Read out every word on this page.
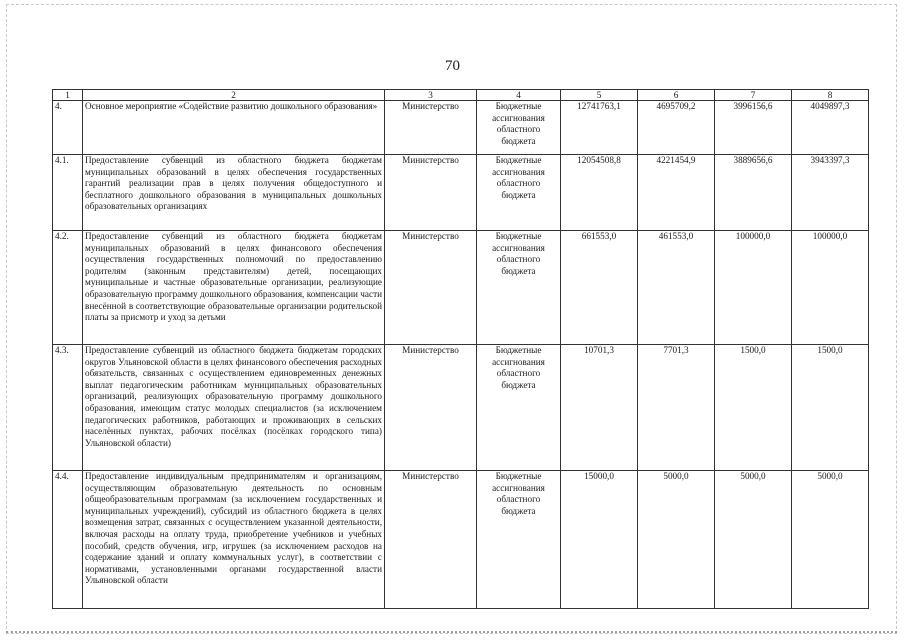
70
1	2	3	4	5	6	7	8
4.	Основное мероприятие «Содействие развитию дошкольного образования»	Министерство	Бюджетные ассигнования областного бюджета	12741763,1	4695709,2	3996156,6	4049897,3
4.1.	Предоставление субвенций из областного бюджета бюджетам муниципальных образований в целях обеспечения государственных гарантий реализации прав в целях получения общедоступного и бесплатного дошкольного образования в муниципальных дошкольных образовательных организациях	Министерство	Бюджетные ассигнования областного бюджета	12054508,8	4221454,9	3889656,6	3943397,3
4.2.	Предоставление субвенций из областного бюджета бюджетам муниципальных образований в целях финансового обеспечения осуществления государственных полномочий по предоставлению родителям (законным представителям) детей, посещающих муниципальные и частные образовательные организации, реализующие образовательную программу дошкольного образования, компенсации части внесённой в соответствующие образовательные организации родительской платы за присмотр и уход за детьми	Министерство	Бюджетные ассигнования областного бюджета	661553,0	461553,0	100000,0	100000,0
4.3.	Предоставление субвенций из областного бюджета бюджетам городских округов Ульяновской области в целях финансового обеспечения расходных обязательств, связанных с осуществлением единовременных денежных выплат педагогическим работникам муниципальных образовательных организаций, реализующих образовательную программу дошкольного образования, имеющим статус молодых специалистов (за исключением педагогических работников, работающих и проживающих в сельских населённых пунктах, рабочих посёлках (посёлках городского типа) Ульяновской области)	Министерство	Бюджетные ассигнования областного бюджета	10701,3	7701,3	1500,0	1500,0
4.4.	Предоставление индивидуальным предпринимателям и организациям, осуществляющим образовательную деятельность по основным общеобразовательным программам (за исключением государственных и муниципальных учреждений), субсидий из областного бюджета в целях возмещения затрат, связанных с осуществлением указанной деятельности, включая расходы на оплату труда, приобретение учебников и учебных пособий, средств обучения, игр, игрушек (за исключением расходов на содержание зданий и оплату коммунальных услуг), в соответствии с нормативами, установленными органами государственной власти Ульяновской области	Министерство	Бюджетные ассигнования областного бюджета	15000,0	5000,0	5000,0	5000,0
